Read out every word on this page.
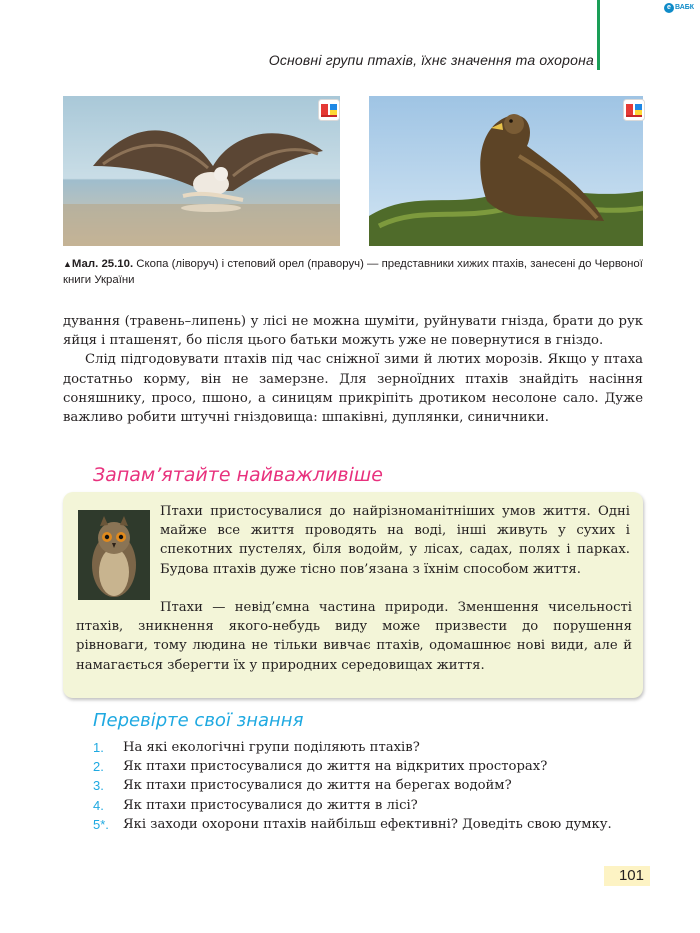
e ВАБК
Основні групи птахів, їхнє значення та охорона
▲Мал. 25.10. Скопа (ліворуч) і степовий орел (праворуч) — представники хижих птахів, занесені до Червоної книги України

дування (травень–липень) у лісі не можна шуміти, руйнувати гнізда, брати до рук яйця і пташенят, бо після цього батьки можуть уже не повернутися в гніздо.

Слід підгодовувати птахів під час сніжної зими й лютих морозів. Якщо у птаха достатньо корму, він не замерзне. Для зерноїдних птахів знайдіть насіння соняшнику, просо, пшоно, а синицям прикріпіть дротиком несолоне сало. Дуже важливо робити штучні гніздовища: шпаківні, дуплянки, синичники.

Запам’ятайте найважливіше
Птахи пристосувалися до найрізноманітніших умов життя. Одні майже все життя проводять на воді, інші живуть у сухих і спекотних пустелях, біля водойм, у лісах, садах, полях і парках. Будова птахів дуже тісно пов’язана з їхнім способом життя.

Птахи — невід’ємна частина природи. Зменшення чисельності птахів, зникнення якого-небудь виду може призвести до порушення рівноваги, тому людина не тільки вивчає птахів, одомашнює нові види, але й намагається зберегти їх у природних середовищах життя.

Перевірте свої знання
1. На які екологічні групи поділяють птахів?
2. Як птахи пристосувалися до життя на відкритих просторах?
3. Як птахи пристосувалися до життя на берегах водойм?
4. Як птахи пристосувалися до життя в лісі?
5*. Які заходи охорони птахів найбільш ефективні? Доведіть свою думку.
101
